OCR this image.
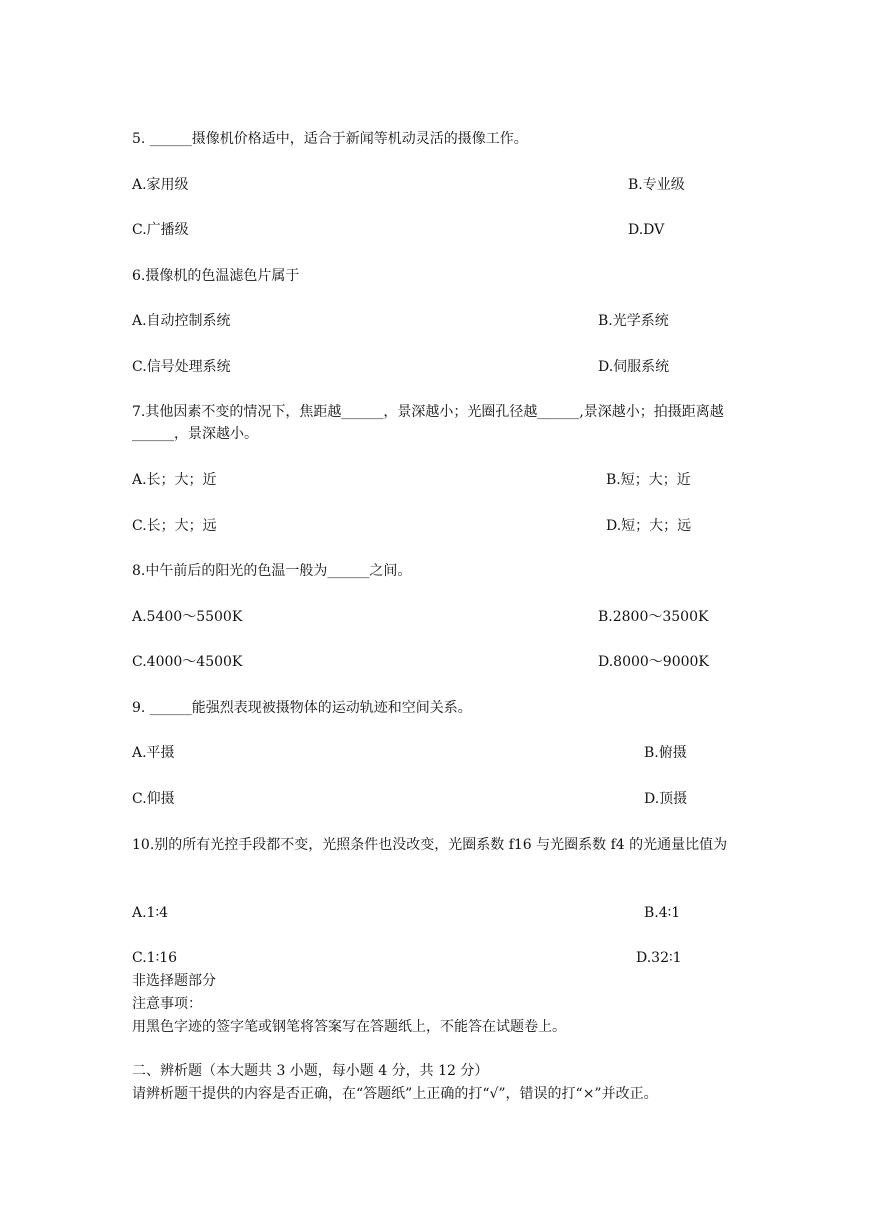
5. ______摄像机价格适中，适合于新闻等机动灵活的摄像工作。
A.家用级	B.专业级
C.广播级	D.DV
6.摄像机的色温滤色片属于
A.自动控制系统	B.光学系统
C.信号处理系统	D.伺服系统
7.其他因素不变的情况下，焦距越______，景深越小；光圈孔径越______,景深越小；拍摄距离越______，景深越小。
A.长；大；近	B.短；大；近
C.长；大；远	D.短；大；远
8.中午前后的阳光的色温一般为______之间。
A.5400～5500K	B.2800～3500K
C.4000～4500K	D.8000～9000K
9. ______能强烈表现被摄物体的运动轨迹和空间关系。
A.平摄	B.俯摄
C.仰摄	D.顶摄
10.别的所有光控手段都不变，光照条件也没改变，光圈系数 f16 与光圈系数 f4 的光通量比值为
A.1∶4	B.4∶1
C.1∶16	D.32∶1
非选择题部分
注意事项：
用黑色字迹的签字笔或钢笔将答案写在答题纸上，不能答在试题卷上。
二、辨析题（本大题共 3 小题，每小题 4 分，共 12 分）
请辨析题干提供的内容是否正确，在“答题纸”上正确的打“√”，错误的打“×”并改正。
